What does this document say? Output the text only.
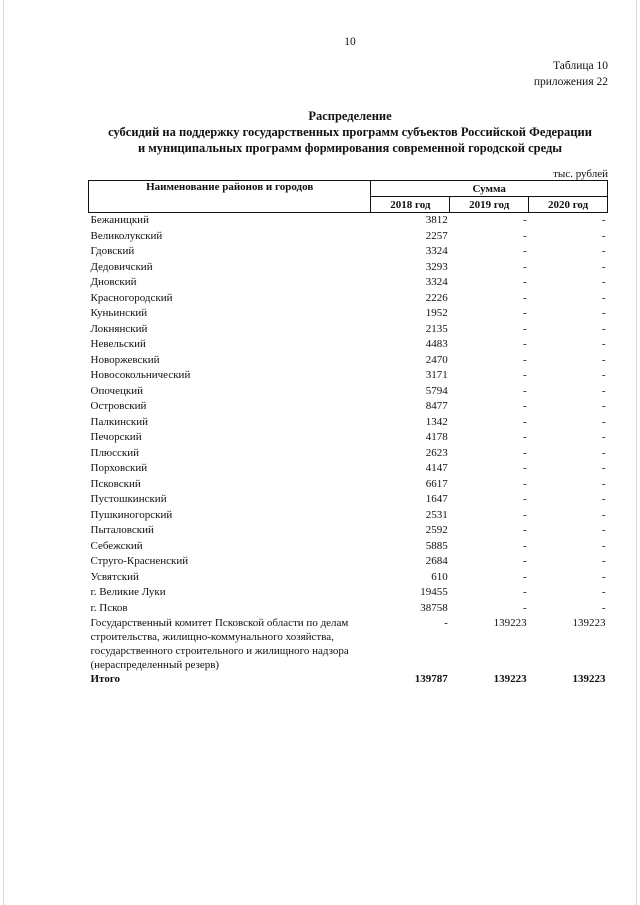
10
Таблица 10
приложения 22
Распределение
субсидий на поддержку государственных программ субъектов Российской Федерации
и муниципальных программ формирования современной городской среды
тыс. рублей
Наименование районов и городов	Сумма		
	2018 год	2019 год	2020 год
Бежаницкий	3812	-	-
Великолукский	2257	-	-
Гдовский	3324	-	-
Дедовичский	3293	-	-
Дновский	3324	-	-
Красногородский	2226	-	-
Куньинский	1952	-	-
Локнянский	2135	-	-
Невельский	4483	-	-
Новоржевский	2470	-	-
Новосокольнический	3171	-	-
Опочецкий	5794	-	-
Островский	8477	-	-
Палкинский	1342	-	-
Печорский	4178	-	-
Плюсский	2623	-	-
Порховский	4147	-	-
Псковский	6617	-	-
Пустошкинский	1647	-	-
Пушкиногорский	2531	-	-
Пыталовский	2592	-	-
Себежский	5885	-	-
Струго-Красненский	2684	-	-
Усвятский	610	-	-
г. Великие Луки	19455	-	-
г. Псков	38758	-	-

Государственный комитет Псковской области по делам
строительства, жилищно-коммунального хозяйства,
государственного строительного и жилищного надзора
(нераспределенный резерв)	-	139223	139223
Итого	139787	139223	139223
